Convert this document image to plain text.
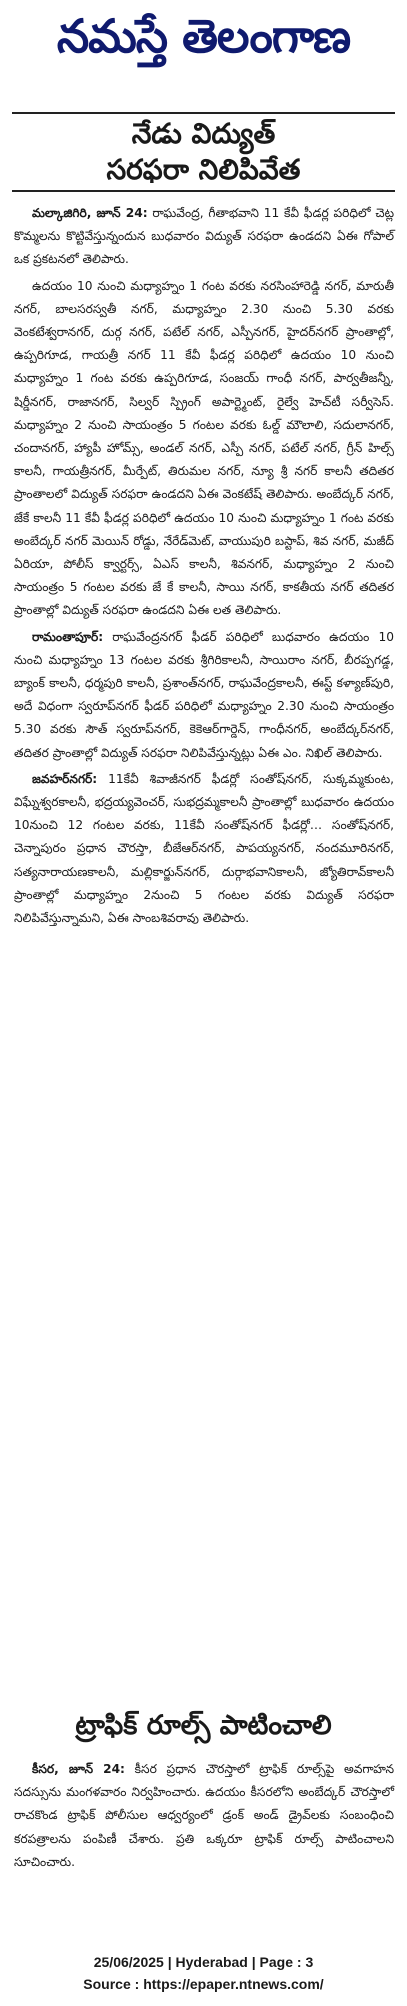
నమస్తే తెలంగాణ
నేడు విద్యుత్
సరఫరా నిలిపివేత

మల్కాజిగిరి, జూన్ 24: రాఘవేంద్ర, గీతాభవాని 11 కేవీ ఫీడర్ల పరిధిలో చెట్ల కొమ్మలను కొట్టివేస్తున్నందున బుధవారం విద్యుత్ సరఫరా ఉండదని ఏఈ గోపాల్ ఒక ప్రకటనలో తెలిపారు.

ఉదయం 10 నుంచి మధ్యాహ్నం 1 గంట వరకు నరసింహారెడ్డి నగర్, మారుతీ నగర్, బాలసరస్వతీ నగర్, మధ్యాహ్నం 2.30 నుంచి 5.30 వరకు వెంకటేశ్వరానగర్, దుర్గ నగర్, పటేల్ నగర్, ఎస్పీనగర్, హైదర్‌నగర్ ప్రాంతాల్లో, ఉప్పరిగూడ, గాయత్రీ నగర్ 11 కేవీ ఫీడర్ల పరిధిలో ఉదయం 10 నుంచి మధ్యాహ్నం 1 గంట వరకు ఉప్పరిగూడ, సంజయ్ గాంధీ నగర్, పార్వతీజన్నీ, షిర్డీనగర్, రాజానగర్, సిల్వర్ స్ప్రింగ్ అపార్ట్మెంట్, రైల్వే హెచ్‌టీ సర్వీసెస్. మధ్యాహ్నం 2 నుంచి సాయంత్రం 5 గంటల వరకు ఓల్డ్ మౌలాలి, సదులానగర్, చందానగర్, హ్యాపీ హోమ్స్, అండల్ నగర్, ఎస్పీ నగర్, పటేల్ నగర్, గ్రీన్ హిల్స్ కాలనీ, గాయత్రీనగర్, మీర్పేట్, తిరుమల నగర్, న్యూ శ్రీ నగర్ కాలనీ తదితర ప్రాంతాలలో విద్యుత్ సరఫరా ఉండదని ఏఈ వెంకటేష్ తెలిపారు. అంబేద్కర్ నగర్, జేకే కాలనీ 11 కేవీ ఫీడర్ల పరిధిలో ఉదయం 10 నుంచి మధ్యాహ్నం 1 గంట వరకు అంబేద్కర్ నగర్ మెయిన్ రోడ్డు, నేరేడ్‌మెట్, వాయుపురి బస్టాప్, శివ నగర్, మజీద్ ఏరియా, పోలీస్ క్వార్టర్స్, ఏఎస్ కాలనీ, శివనగర్, మధ్యాహ్నం 2 నుంచి సాయంత్రం 5 గంటల వరకు జే కే కాలనీ, సాయి నగర్, కాకతీయ నగర్ తదితర ప్రాంతాల్లో విద్యుత్ సరఫరా ఉండదని ఏఈ లత తెలిపారు.

రామంతాపూర్: రాఘవేంద్రనగర్ ఫీడర్ పరిధిలో బుధవారం ఉదయం 10 నుంచి మధ్యాహ్నం 13 గంటల వరకు శ్రీగిరికాలనీ, సాయిరాం నగర్, బీరప్పగడ్డ, బ్యాంక్ కాలనీ, ధర్మపురి కాలనీ, ప్రశాంత్‌నగర్, రాఘవేంద్రకాలనీ, ఈస్ట్ కళ్యాణ్‌పురి, అదే విధంగా స్వరూప్‌నగర్ ఫీడర్ పరిధిలో మధ్యాహ్నం 2.30 నుంచి సాయంత్రం 5.30 వరకు సౌత్ స్వరూప్‌నగర్, కెకెఆర్‌గార్డెన్, గాంధీనగర్, అంబేద్కర్‌నగర్, తదితర ప్రాంతాల్లో విద్యుత్ సరఫరా నిలిపివేస్తున్నట్లు ఏఈ ఎం. నిఖిల్ తెలిపారు.

జవహర్‌నగర్: 11కేవీ శివాజీనగర్ ఫీడర్లో సంతోష్‌నగర్, సుక్కమ్మకుంట, విఘ్నేశ్వరకాలనీ, భద్రయ్యవెంచర్, సుభద్రమ్మకాలనీ ప్రాంతాల్లో బుధవారం ఉదయం 10నుంచి 12 గంటల వరకు, 11కేవీ సంతోష్‌నగర్ ఫీడర్లో… సంతోష్‌నగర్, చెన్నాపురం ప్రధాన చౌరస్తా, బీజేఆర్‌నగర్, పాపయ్యనగర్, నందమూరినగర్, సత్యనారాయణకాలనీ, మల్లికార్జున్‌నగర్, దుర్గాభవానికాలనీ, జ్యోతిరావ్‌కాలనీ ప్రాంతాల్లో మధ్యాహ్నం 2నుంచి 5 గంటల వరకు విద్యుత్ సరఫరా నిలిపివేస్తున్నామని, ఏఈ సాంబశివరావు తెలిపారు.

ట్రాఫిక్ రూల్స్ పాటించాలి

కీసర, జూన్ 24: కీసర ప్రధాన చౌరస్తాలో ట్రాఫిక్ రూల్స్‌పై అవగాహన సదస్సును మంగళవారం నిర్వహించారు. ఉదయం కీసరలోని అంబేద్కర్ చౌరస్తాలో రాచకొండ ట్రాఫిక్ పోలీసుల ఆధ్వర్యంలో డ్రంక్ అండ్ డ్రైవ్‌లకు సంబంధించి కరపత్రాలను పంపిణీ చేశారు. ప్రతి ఒక్కరూ ట్రాఫిక్ రూల్స్ పాటించాలని సూచించారు.

25/06/2025 | Hyderabad | Page : 3
Source : https://epaper.ntnews.com/
